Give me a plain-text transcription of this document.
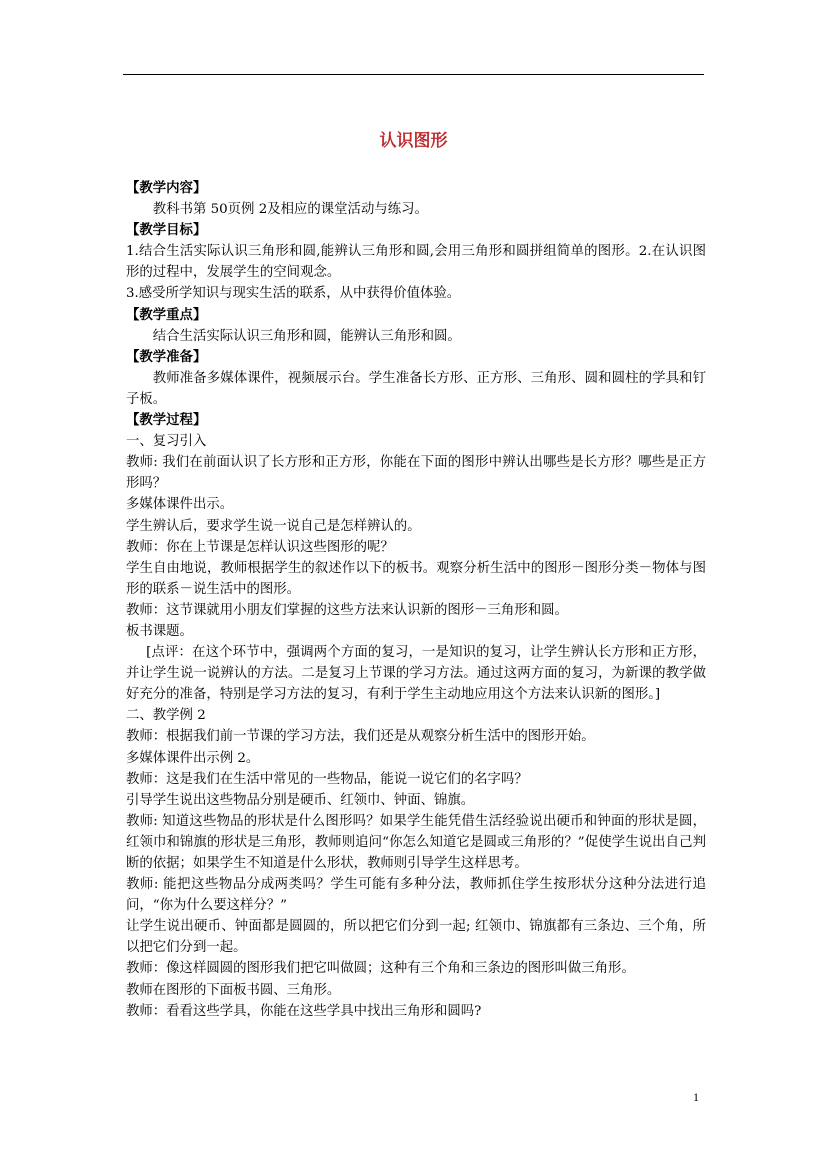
认识图形

【教学内容】

教科书第 50页例 2及相应的课堂活动与练习。

【教学目标】

1.结合生活实际认识三角形和圆,能辨认三角形和圆,会用三角形和圆拼组简单的图形。2.在认识图形的过程中，发展学生的空间观念。

3.感受所学知识与现实生活的联系，从中获得价值体验。

【教学重点】

结合生活实际认识三角形和圆，能辨认三角形和圆。

【教学准备】

教师准备多媒体课件，视频展示台。学生准备长方形、正方形、三角形、圆和圆柱的学具和钉子板。

【教学过程】

一、复习引入

教师: 我们在前面认识了长方形和正方形，你能在下面的图形中辨认出哪些是长方形？哪些是正方形吗？

多媒体课件出示。

学生辨认后，要求学生说一说自己是怎样辨认的。

教师：你在上节课是怎样认识这些图形的呢？

学生自由地说，教师根据学生的叙述作以下的板书。观察分析生活中的图形－图形分类－物体与图形的联系－说生活中的图形。

教师：这节课就用小朋友们掌握的这些方法来认识新的图形－三角形和圆。

板书课题。

[点评：在这个环节中，强调两个方面的复习，一是知识的复习，让学生辨认长方形和正方形，并让学生说一说辨认的方法。二是复习上节课的学习方法。通过这两方面的复习，为新课的教学做好充分的准备，特别是学习方法的复习，有利于学生主动地应用这个方法来认识新的图形。]

二、教学例 2

教师：根据我们前一节课的学习方法，我们还是从观察分析生活中的图形开始。

多媒体课件出示例 2。

教师：这是我们在生活中常见的一些物品，能说一说它们的名字吗？

引导学生说出这些物品分别是硬币、红领巾、钟面、锦旗。

教师: 知道这些物品的形状是什么图形吗？如果学生能凭借生活经验说出硬币和钟面的形状是圆，红领巾和锦旗的形状是三角形，教师则追问“你怎么知道它是圆或三角形的？”促使学生说出自己判断的依据；如果学生不知道是什么形状，教师则引导学生这样思考。

教师: 能把这些物品分成两类吗？学生可能有多种分法，教师抓住学生按形状分这种分法进行追问，“你为什么要这样分？”

让学生说出硬币、钟面都是圆圆的，所以把它们分到一起; 红领巾、锦旗都有三条边、三个角，所以把它们分到一起。

教师：像这样圆圆的图形我们把它叫做圆；这种有三个角和三条边的图形叫做三角形。

教师在图形的下面板书圆、三角形。

教师：看看这些学具，你能在这些学具中找出三角形和圆吗?

1
